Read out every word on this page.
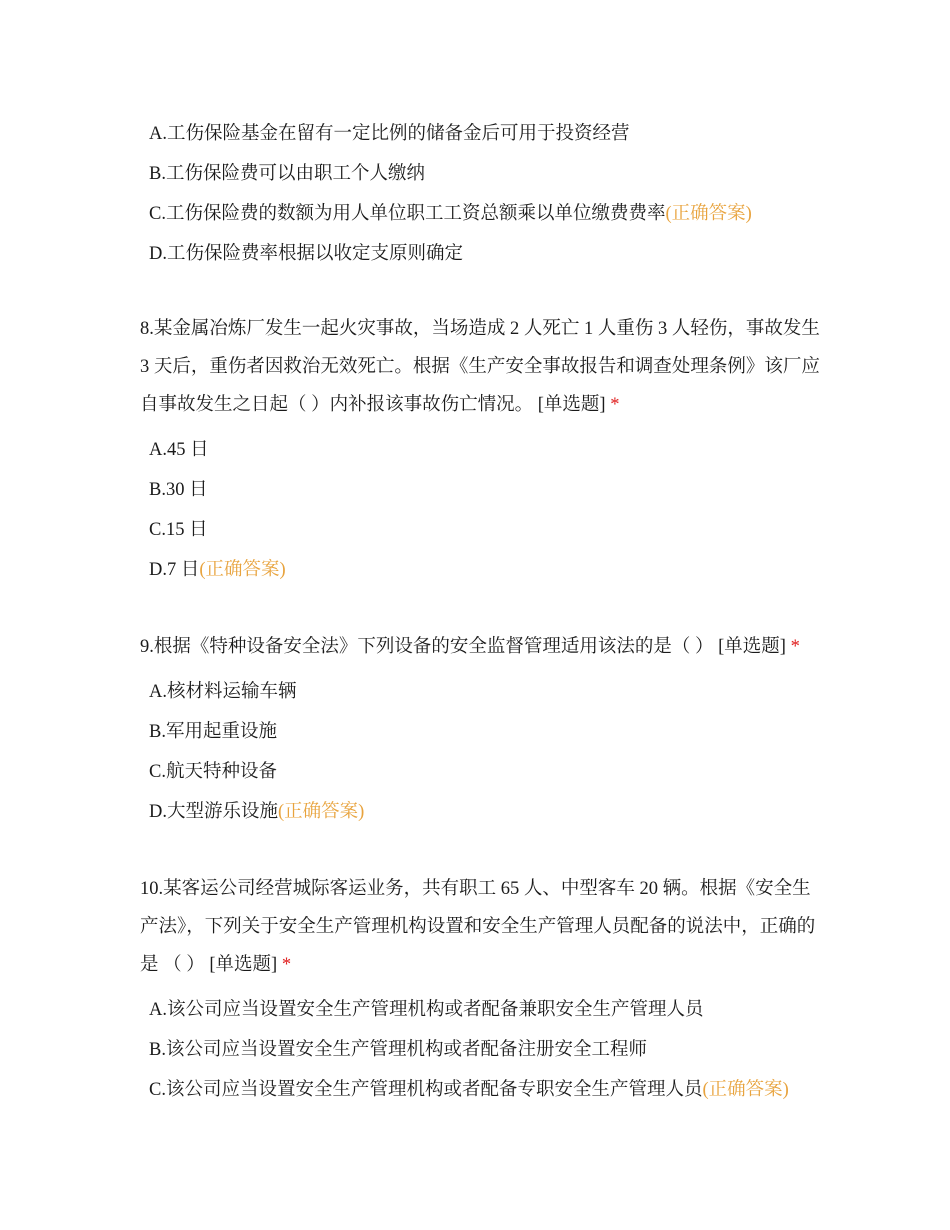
A.工伤保险基金在留有一定比例的储备金后可用于投资经营
B.工伤保险费可以由职工个人缴纳
C.工伤保险费的数额为用人单位职工工资总额乘以单位缴费费率(正确答案)
D.工伤保险费率根据以收定支原则确定

8.某金属冶炼厂发生一起火灾事故，当场造成 2 人死亡 1 人重伤 3 人轻伤，事故发生 3 天后，重伤者因救治无效死亡。根据《生产安全事故报告和调查处理条例》该厂应自事故发生之日起（ ）内补报该事故伤亡情况。 [单选题] *

A.45 日
B.30 日
C.15 日
D.7 日(正确答案)

9.根据《特种设备安全法》下列设备的安全监督管理适用该法的是（ ） [单选题] *

A.核材料运输车辆
B.军用起重设施
C.航天特种设备
D.大型游乐设施(正确答案)

10.某客运公司经营城际客运业务，共有职工 65 人、中型客车 20 辆。根据《安全生产法》，下列关于安全生产管理机构设置和安全生产管理人员配备的说法中，正确的是 （ ） [单选题] *

A.该公司应当设置安全生产管理机构或者配备兼职安全生产管理人员
B.该公司应当设置安全生产管理机构或者配备注册安全工程师
C.该公司应当设置安全生产管理机构或者配备专职安全生产管理人员(正确答案)
